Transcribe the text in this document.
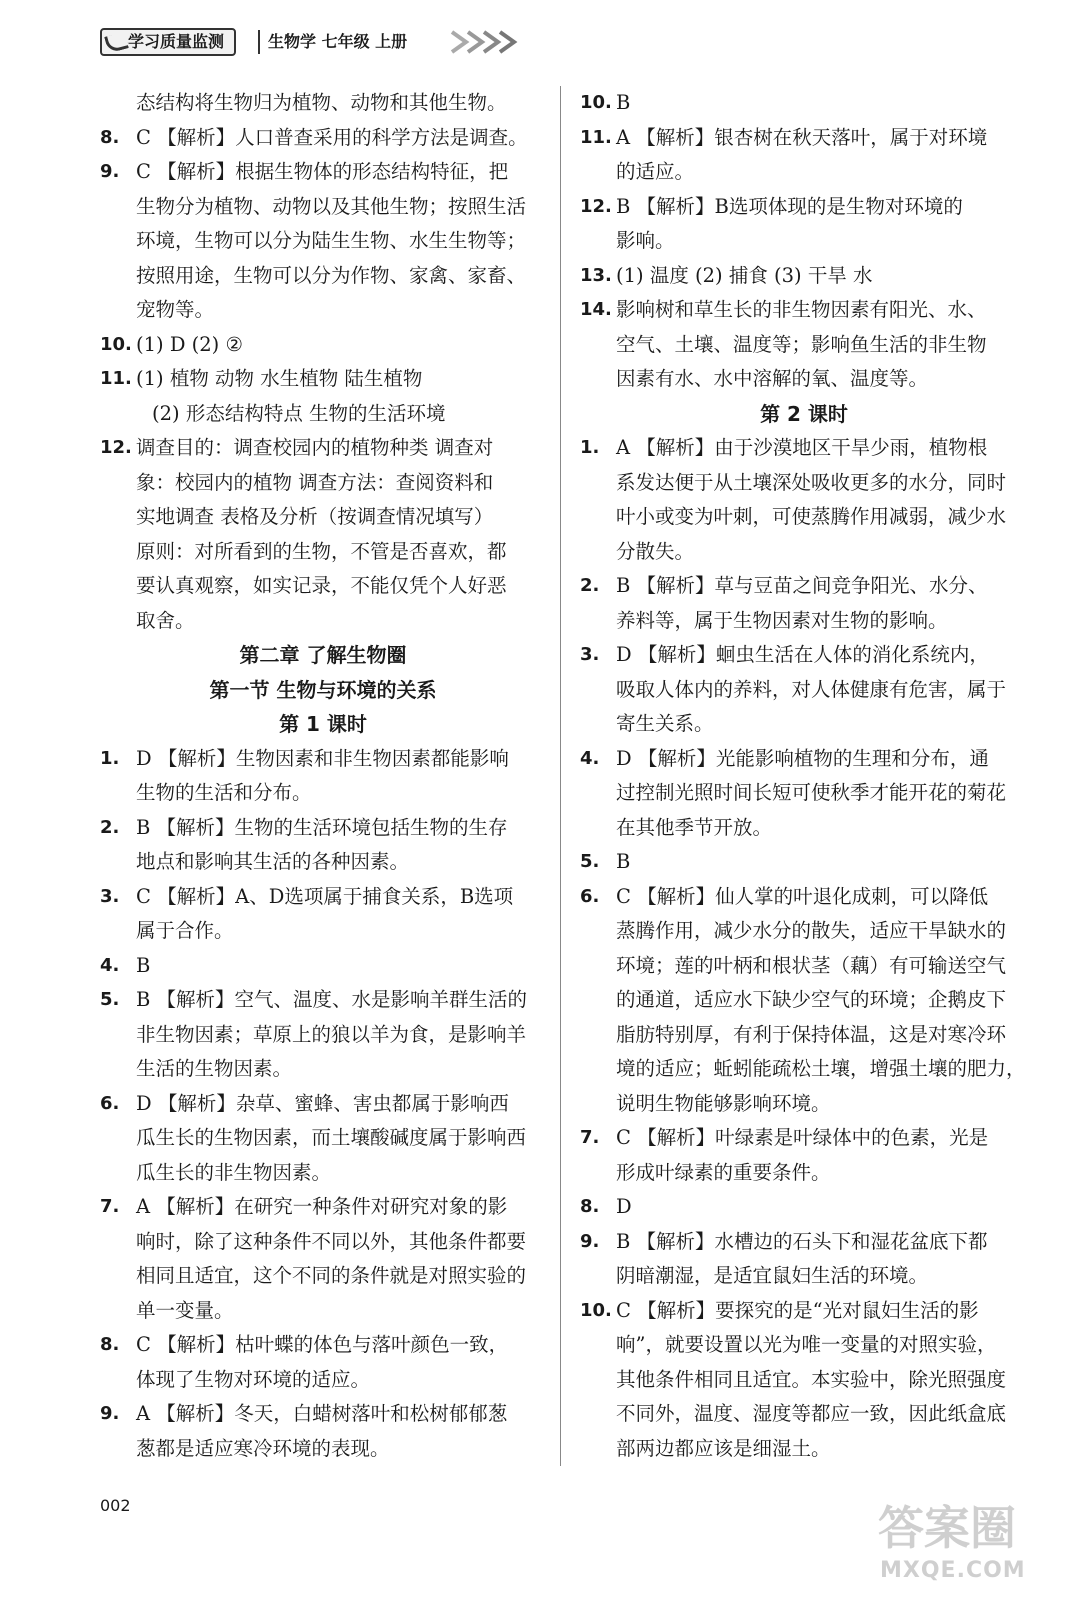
学习质量监测	生物学 七年级 上册
态结构将生物归为植物、动物和其他生物。
8. C 【解析】人口普查采用的科学方法是调查。
9. C 【解析】根据生物体的形态结构特征，把
生物分为植物、动物以及其他生物；按照生活
环境，生物可以分为陆生生物、水生生物等；
按照用途，生物可以分为作物、家禽、家畜、
宠物等。
10. (1) D (2) ②
11. (1) 植物 动物 水生植物 陆生植物
(2) 形态结构特点 生物的生活环境
12. 调查目的：调查校园内的植物种类 调查对
象：校园内的植物 调查方法：查阅资料和
实地调查 表格及分析（按调查情况填写）
原则：对所看到的生物，不管是否喜欢，都
要认真观察，如实记录，不能仅凭个人好恶
取舍。
第二章 了解生物圈
第一节 生物与环境的关系
第 1 课时
1. D 【解析】生物因素和非生物因素都能影响
生物的生活和分布。
2. B 【解析】生物的生活环境包括生物的生存
地点和影响其生活的各种因素。
3. C 【解析】A、D选项属于捕食关系，B选项
属于合作。
4. B
5. B 【解析】空气、温度、水是影响羊群生活的
非生物因素；草原上的狼以羊为食，是影响羊
生活的生物因素。
6. D 【解析】杂草、蜜蜂、害虫都属于影响西
瓜生长的生物因素，而土壤酸碱度属于影响西
瓜生长的非生物因素。
7. A 【解析】在研究一种条件对研究对象的影
响时，除了这种条件不同以外，其他条件都要
相同且适宜，这个不同的条件就是对照实验的
单一变量。
8. C 【解析】枯叶蝶的体色与落叶颜色一致，
体现了生物对环境的适应。
9. A 【解析】冬天，白蜡树落叶和松树郁郁葱
葱都是适应寒冷环境的表现。
10. B
11. A 【解析】银杏树在秋天落叶，属于对环境
的适应。
12. B 【解析】B选项体现的是生物对环境的
影响。
13. (1) 温度 (2) 捕食 (3) 干旱 水
14. 影响树和草生长的非生物因素有阳光、水、
空气、土壤、温度等；影响鱼生活的非生物
因素有水、水中溶解的氧、温度等。
第 2 课时
1. A 【解析】由于沙漠地区干旱少雨，植物根
系发达便于从土壤深处吸收更多的水分，同时
叶小或变为叶刺，可使蒸腾作用减弱，减少水
分散失。
2. B 【解析】草与豆苗之间竞争阳光、水分、
养料等，属于生物因素对生物的影响。
3. D 【解析】蛔虫生活在人体的消化系统内，
吸取人体内的养料，对人体健康有危害，属于
寄生关系。
4. D 【解析】光能影响植物的生理和分布，通
过控制光照时间长短可使秋季才能开花的菊花
在其他季节开放。
5. B
6. C 【解析】仙人掌的叶退化成刺，可以降低
蒸腾作用，减少水分的散失，适应干旱缺水的
环境；莲的叶柄和根状茎（藕）有可输送空气
的通道，适应水下缺少空气的环境；企鹅皮下
脂肪特别厚，有利于保持体温，这是对寒冷环
境的适应；蚯蚓能疏松土壤，增强土壤的肥力，
说明生物能够影响环境。
7. C 【解析】叶绿素是叶绿体中的色素，光是
形成叶绿素的重要条件。
8. D
9. B 【解析】水槽边的石头下和湿花盆底下都
阴暗潮湿，是适宜鼠妇生活的环境。
10. C 【解析】要探究的是“光对鼠妇生活的影
响”，就要设置以光为唯一变量的对照实验，
其他条件相同且适宜。本实验中，除光照强度
不同外，温度、湿度等都应一致，因此纸盒底
部两边都应该是细湿土。
002	答案圈
MXQE.COM
